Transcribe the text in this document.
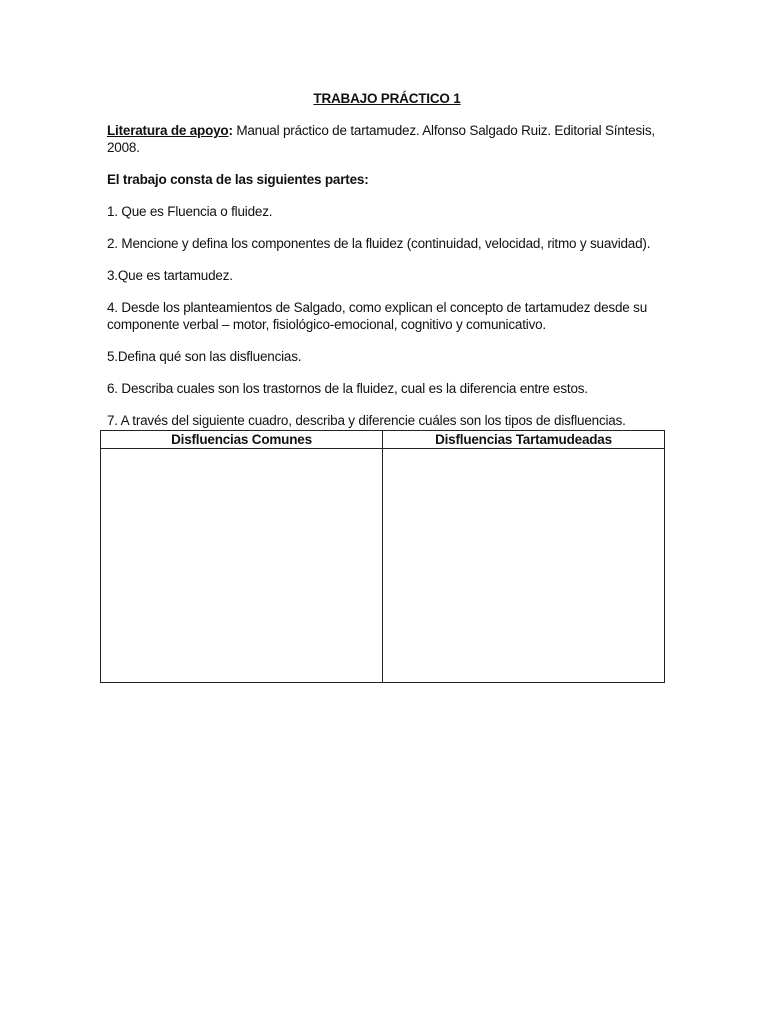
TRABAJO PRÁCTICO 1

Literatura de apoyo: Manual práctico de tartamudez. Alfonso Salgado Ruiz. Editorial Síntesis, 2008.

El trabajo consta de las siguientes partes:

1. Que es Fluencia o fluidez.

2. Mencione y defina los componentes de la fluidez (continuidad, velocidad, ritmo y suavidad).

3.Que es tartamudez.

4. Desde los planteamientos de Salgado, como explican el concepto de tartamudez desde su componente verbal – motor, fisiológico-emocional, cognitivo y comunicativo.

5.Defina qué son las disfluencias.

6. Describa cuales son los trastornos de la fluidez, cual es la diferencia entre estos.

7. A través del siguiente cuadro, describa y diferencie cuáles son los tipos de disfluencias.

Disfluencias Comunes	Disfluencias Tartamudeadas
